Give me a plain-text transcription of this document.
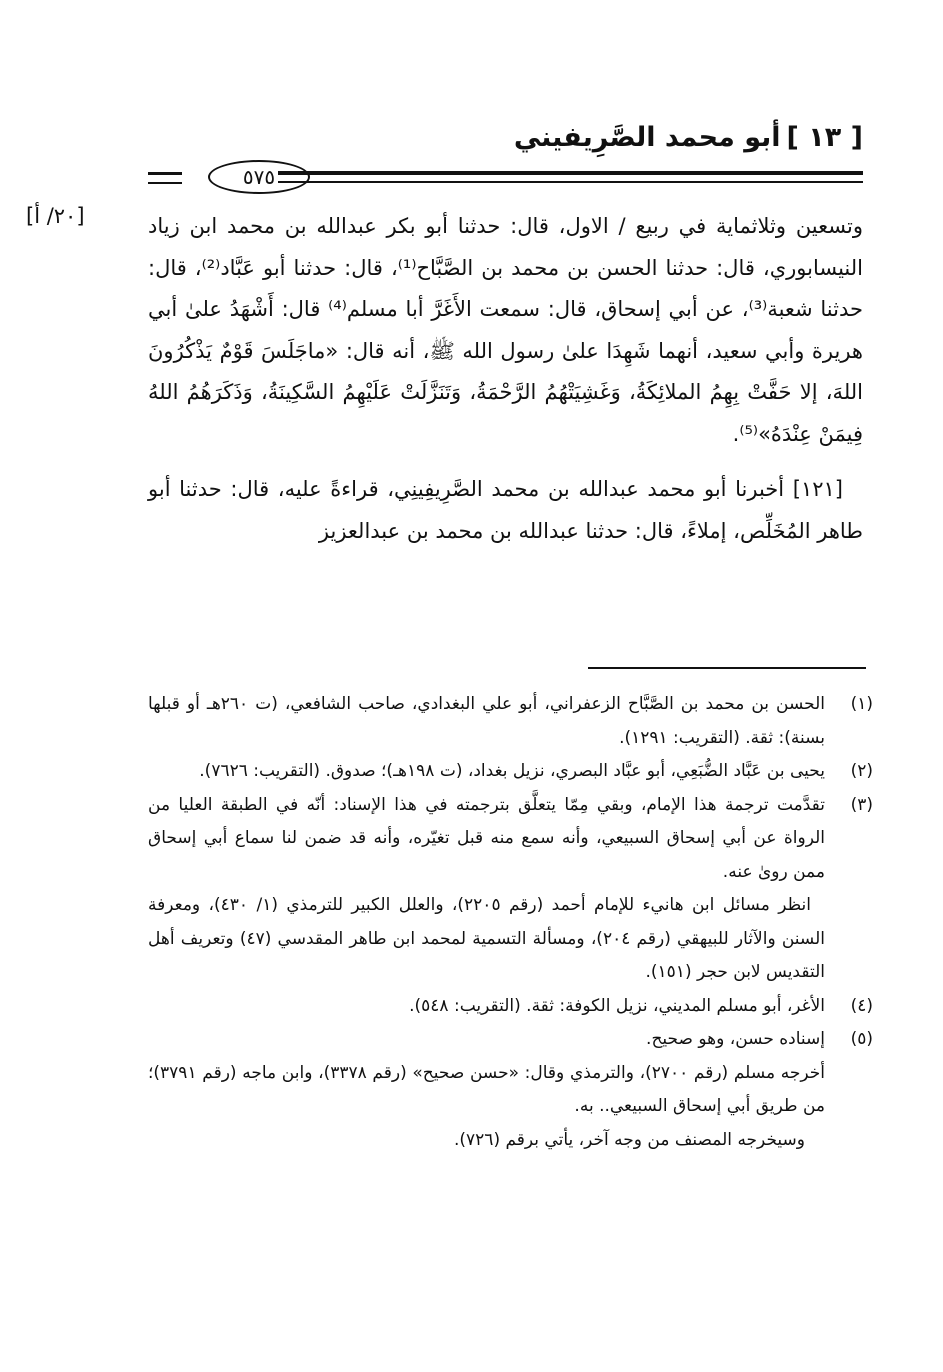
[ ١٣ ]أبو محمد الصَّرِيفيني
٥٧٥
[٢٠/ أ]	وتسعين وثلاثماية في ربيع / الاول، قال: حدثنا أبو بكر عبدالله بن محمد ابن زياد النيسابوري، قال: حدثنا الحسن بن محمد بن الصَّبَّاح⁽¹⁾، قال: حدثنا أبو عَبَّاد⁽²⁾، قال: حدثنا شعبة⁽³⁾، عن أبي إسحاق، قال: سمعت الأَغَرَّ أبا مسلم⁽⁴⁾ قال: أَشْهَدُ علىٰ أبي هريرة وأبي سعيد، أنهما شَهِدَا علىٰ رسول الله ﷺ، أنه قال: «ماجَلَسَ قَوْمٌ يَذْكُرُونَ اللهَ، إلا حَفَّتْ بِهِمُ الملائِكَةُ، وَغَشِيَتْهُمُ الرَّحْمَةُ، وَتَنَزَّلَتْ عَلَيْهِمُ السَّكِينَةُ، وَذَكَرَهُمُ اللهُ فِيمَنْ عِنْدَهُ»⁽⁵⁾.

[١٢١] أخبرنا أبو محمد عبدالله بن محمد الصَّرِيفِينِي، قراءةً عليه، قال: حدثنا أبو طاهر المُخَلِّص، إملاءً، قال: حدثنا عبدالله بن محمد بن عبدالعزيز

(١)

الحسن بن محمد بن الصَّبَّاح الزعفراني، أبو علي البغدادي، صاحب الشافعي، (ت ٢٦٠هـ أو قبلها بسنة): ثقة. (التقريب: ١٢٩١).

(٢)

يحيى بن عَبَّاد الضُّبَعِي، أبو عبَّاد البصري، نزيل بغداد، (ت ١٩٨هـ)؛ صدوق. (التقريب: ٧٦٢٦).

(٣)

تقدَّمت ترجمة هذا الإمام، وبقي مِمّا يتعلَّق بترجمته في هذا الإسناد: أنّه في الطبقة العليا من الرواة عن أبي إسحاق السبيعي، وأنه سمع منه قبل تغيّره، وأنه قد ضمن لنا سماع أبي إسحاق ممن روىٰ عنه.

انظر مسائل ابن هانيء للإمام أحمد (رقم ٢٢٠٥)، والعلل الكبير للترمذي (١/ ٤٣٠)، ومعرفة السنن والآثار للبيهقي (رقم ٢٠٤)، ومسألة التسمية لمحمد ابن طاهر المقدسي (٤٧) وتعريف أهل التقديس لابن حجر (١٥١).

(٤)

الأغر، أبو مسلم المديني، نزيل الكوفة: ثقة. (التقريب: ٥٤٨).

(٥)

إسناده حسن، وهو صحيح.

أخرجه مسلم (رقم ٢٧٠٠)، والترمذي وقال: «حسن صحيح» (رقم ٣٣٧٨)، وابن ماجه (رقم ٣٧٩١)؛ من طريق أبي إسحاق السبيعي.. به.

وسيخرجه المصنف من وجه آخر، يأتي برقم (٧٢٦).
